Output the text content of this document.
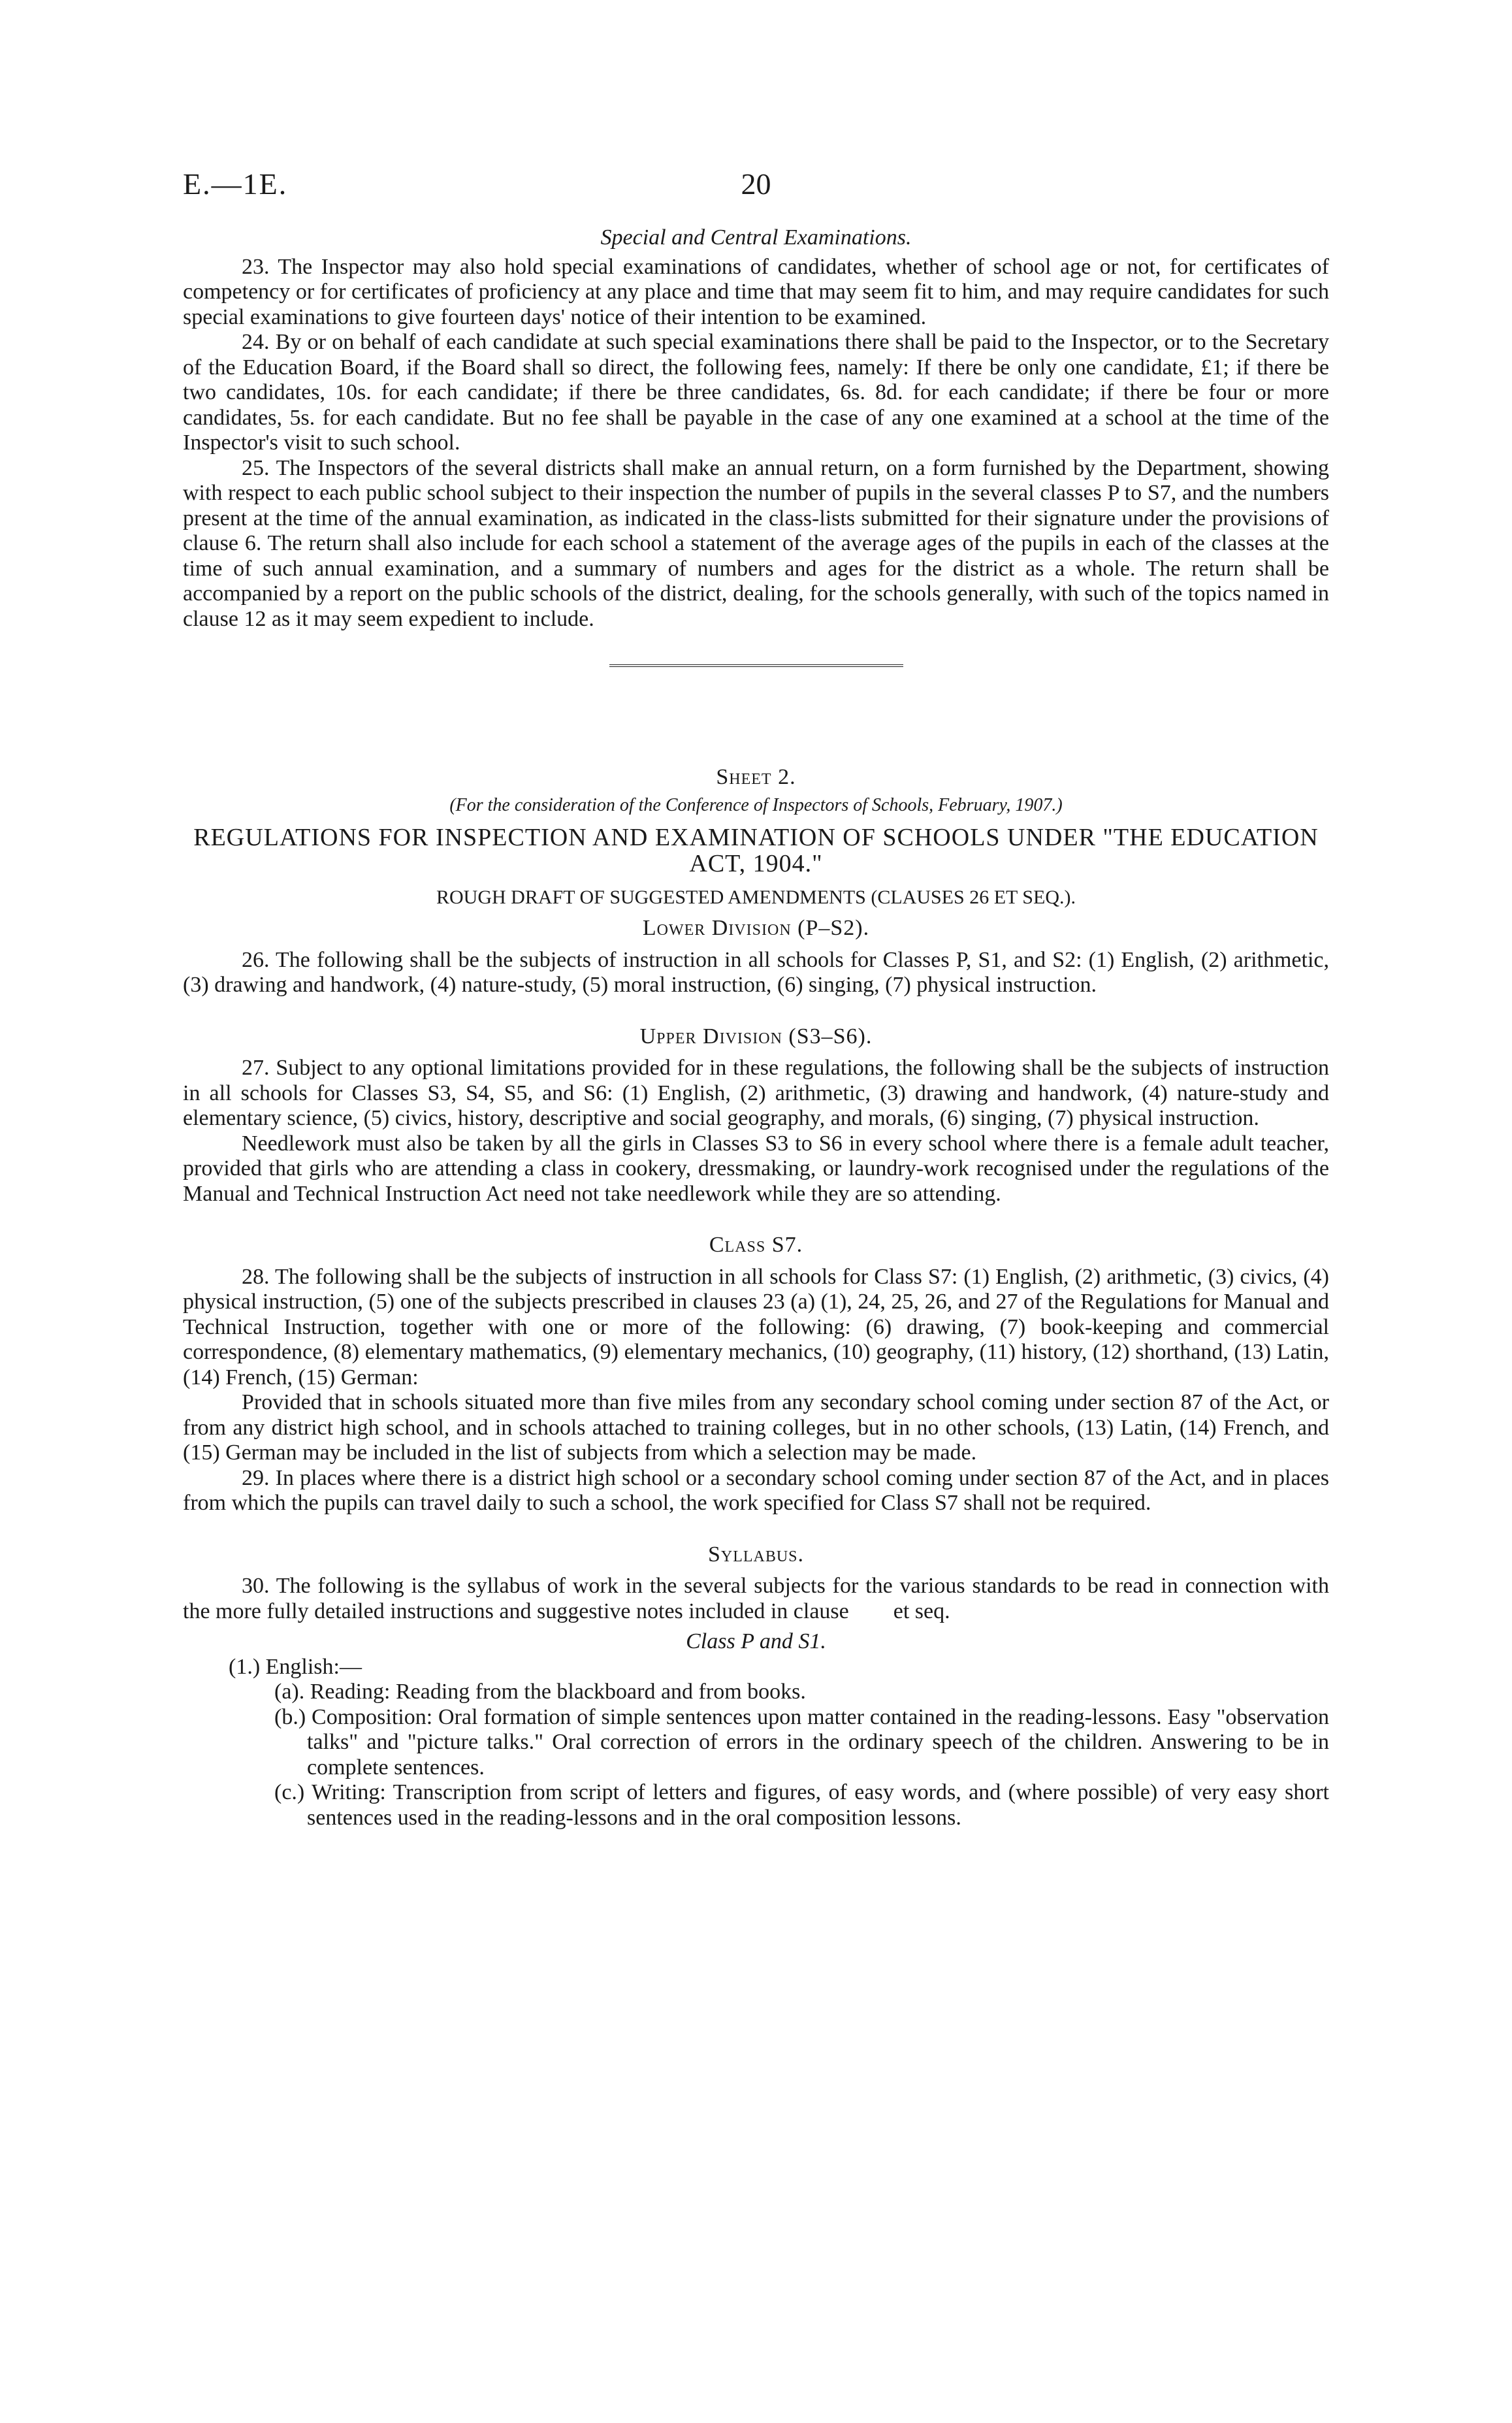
20
E.—1E.

Special and Central Examinations.

23. The Inspector may also hold special examinations of candidates, whether of school age or not, for certificates of competency or for certificates of proficiency at any place and time that may seem fit to him, and may require candidates for such special examinations to give fourteen days' notice of their intention to be examined.

24. By or on behalf of each candidate at such special examinations there shall be paid to the Inspector, or to the Secretary of the Education Board, if the Board shall so direct, the following fees, namely: If there be only one candidate, £1; if there be two candidates, 10s. for each candidate; if there be three candidates, 6s. 8d. for each candidate; if there be four or more candidates, 5s. for each candidate. But no fee shall be payable in the case of any one examined at a school at the time of the Inspector's visit to such school.

25. The Inspectors of the several districts shall make an annual return, on a form furnished by the Department, showing with respect to each public school subject to their inspection the number of pupils in the several classes P to S7, and the numbers present at the time of the annual examination, as indicated in the class-lists submitted for their signature under the provisions of clause 6. The return shall also include for each school a statement of the average ages of the pupils in each of the classes at the time of such annual examination, and a summary of numbers and ages for the district as a whole. The return shall be accompanied by a report on the public schools of the district, dealing, for the schools generally, with such of the topics named in clause 12 as it may seem expedient to include.

Sheet 2.

(For the consideration of the Conference of Inspectors of Schools, February, 1907.)

REGULATIONS FOR INSPECTION AND EXAMINATION OF SCHOOLS UNDER "THE EDUCATION ACT, 1904."

ROUGH DRAFT OF SUGGESTED AMENDMENTS (CLAUSES 26 ET SEQ.).

Lower Division (P–S2).

26. The following shall be the subjects of instruction in all schools for Classes P, S1, and S2: (1) English, (2) arithmetic, (3) drawing and handwork, (4) nature-study, (5) moral instruction, (6) singing, (7) physical instruction.

Upper Division (S3–S6).

27. Subject to any optional limitations provided for in these regulations, the following shall be the subjects of instruction in all schools for Classes S3, S4, S5, and S6: (1) English, (2) arithmetic, (3) drawing and handwork, (4) nature-study and elementary science, (5) civics, history, descriptive and social geography, and morals, (6) singing, (7) physical instruction.

Needlework must also be taken by all the girls in Classes S3 to S6 in every school where there is a female adult teacher, provided that girls who are attending a class in cookery, dressmaking, or laundry-work recognised under the regulations of the Manual and Technical Instruction Act need not take needlework while they are so attending.

Class S7.

28. The following shall be the subjects of instruction in all schools for Class S7: (1) English, (2) arithmetic, (3) civics, (4) physical instruction, (5) one of the subjects prescribed in clauses 23 (a) (1), 24, 25, 26, and 27 of the Regulations for Manual and Technical Instruction, together with one or more of the following: (6) drawing, (7) book-keeping and commercial correspondence, (8) elementary mathematics, (9) elementary mechanics, (10) geography, (11) history, (12) shorthand, (13) Latin, (14) French, (15) German:

Provided that in schools situated more than five miles from any secondary school coming under section 87 of the Act, or from any district high school, and in schools attached to training colleges, but in no other schools, (13) Latin, (14) French, and (15) German may be included in the list of subjects from which a selection may be made.

29. In places where there is a district high school or a secondary school coming under section 87 of the Act, and in places from which the pupils can travel daily to such a school, the work specified for Class S7 shall not be required.

Syllabus.

30. The following is the syllabus of work in the several subjects for the various standards to be read in connection with the more fully detailed instructions and suggestive notes included in clause        et seq.

Class P and S1.

(1.) English:—
(a). Reading: Reading from the blackboard and from books.
(b.) Composition: Oral formation of simple sentences upon matter contained in the reading-lessons. Easy "observation talks" and "picture talks." Oral correction of errors in the ordinary speech of the children. Answering to be in complete sentences.
(c.) Writing: Transcription from script of letters and figures, of easy words, and (where possible) of very easy short sentences used in the reading-lessons and in the oral composition lessons.
